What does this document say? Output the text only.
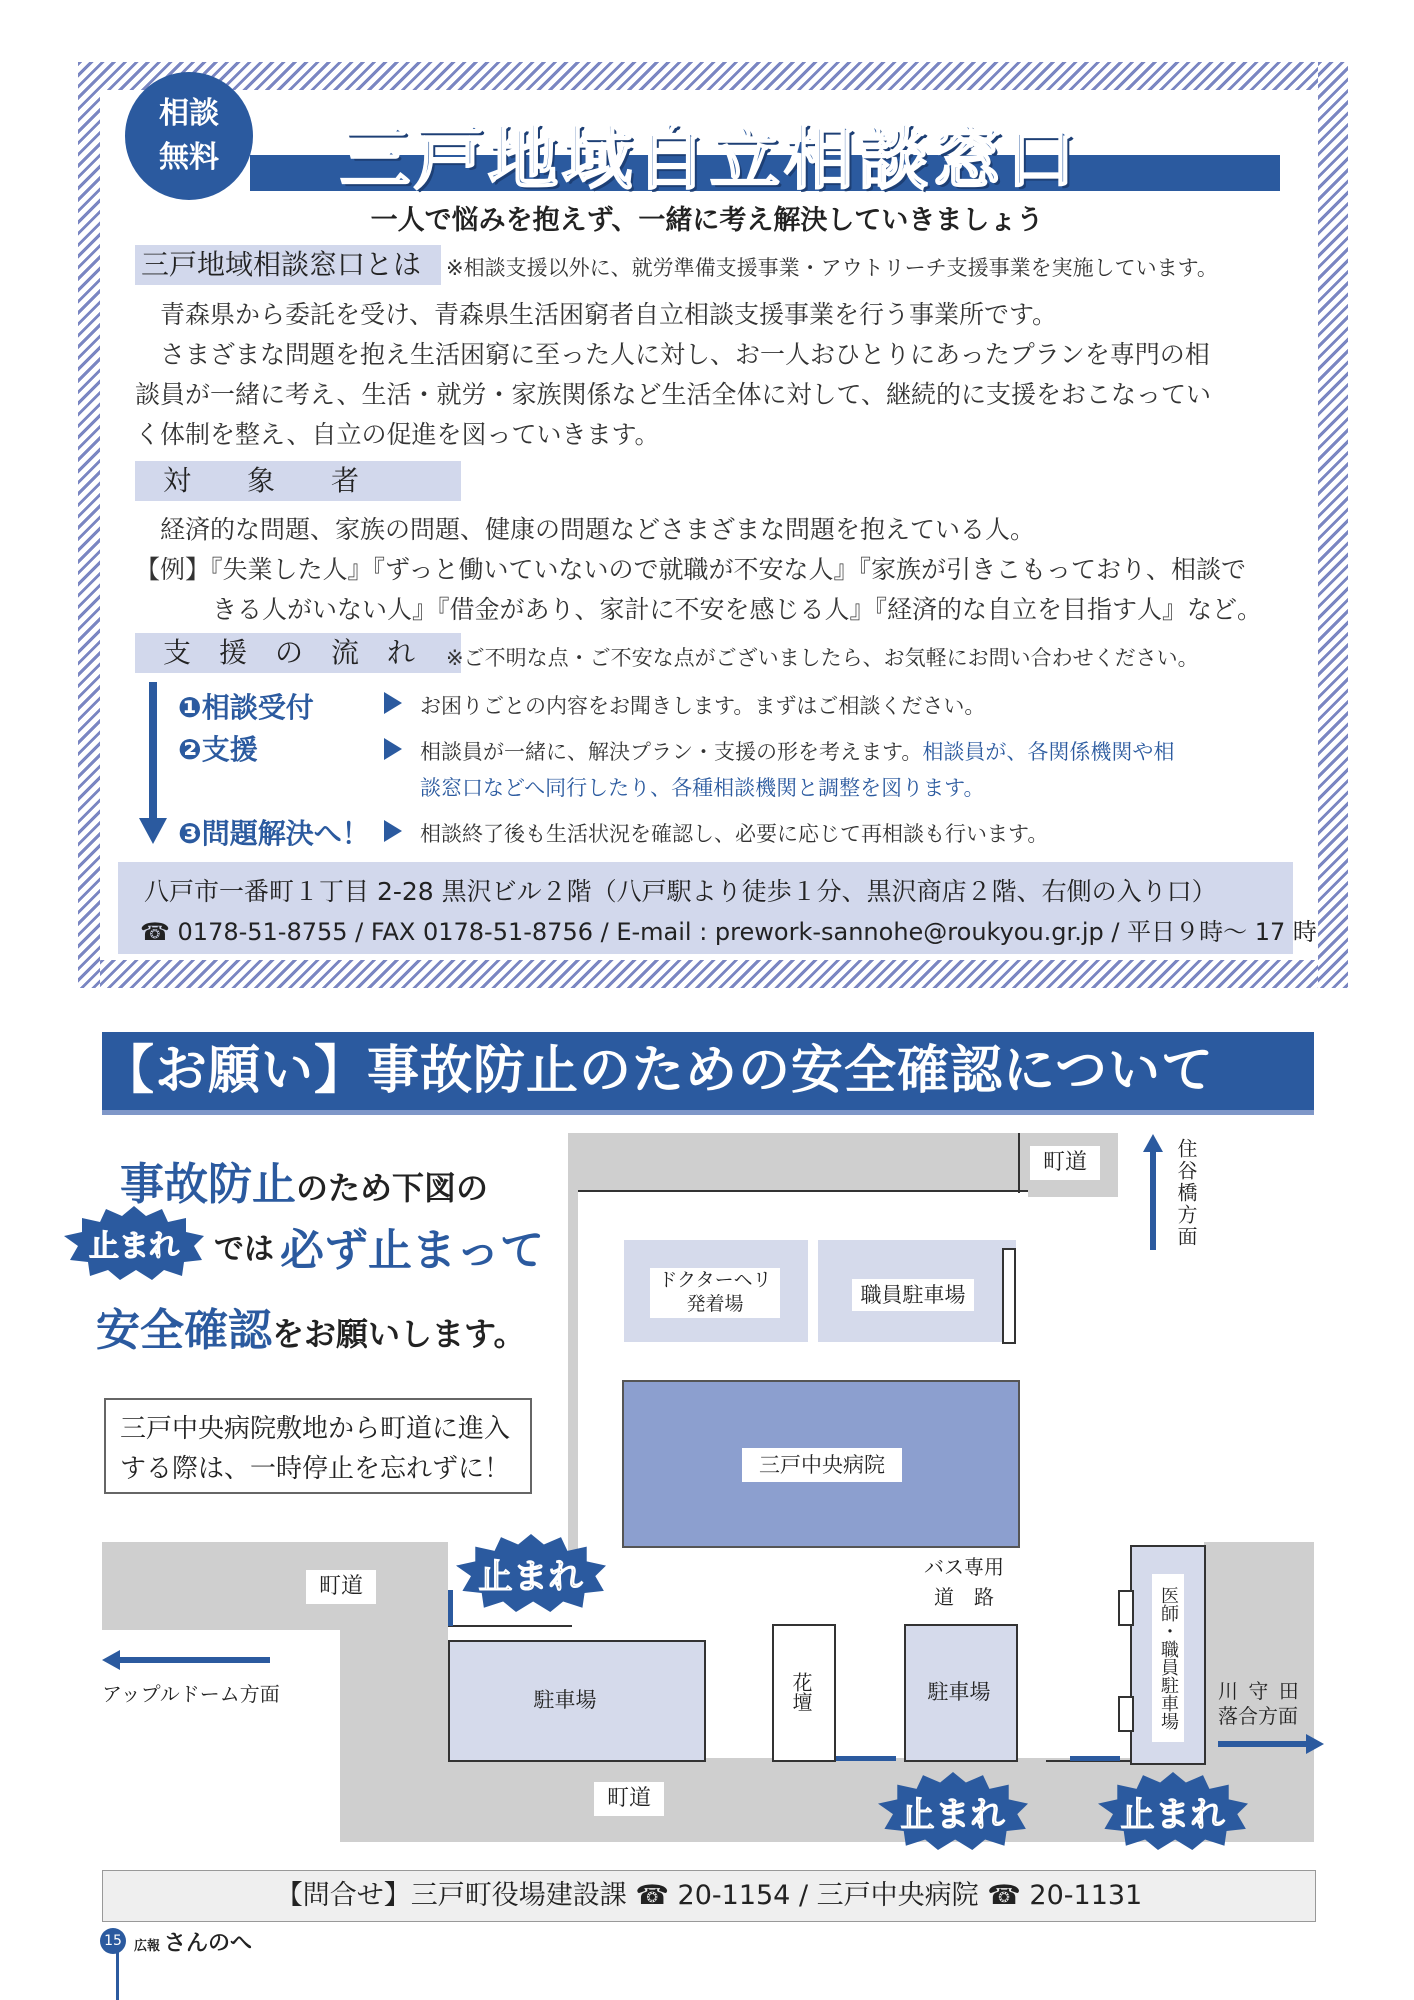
相談
無料 三戸地域自立相談窓口
一人で悩みを抱えず、一緒に考え解決していきましょう
三戸地域相談窓口とは	※相談支援以外に、就労準備支援事業・アウトリーチ支援事業を実施しています。
青森県から委託を受け、青森県生活困窮者自立相談支援事業を行う事業所です。
さまざまな問題を抱え生活困窮に至った人に対し、お一人おひとりにあったプランを専門の相
談員が一緒に考え、生活・就労・家族関係など生活全体に対して、継続的に支援をおこなってい
く体制を整え、自立の促進を図っていきます。
対　　象　　者
経済的な問題、家族の問題、健康の問題などさまざまな問題を抱えている人。
【例】『失業した人』『ずっと働いていないので就職が不安な人』『家族が引きこもっており、相談で
きる人がいない人』『借金があり、家計に不安を感じる人』『経済的な自立を目指す人』など。
支　援　の　流　れ	※ご不明な点・ご不安な点がございましたら、お気軽にお問い合わせください。
❶相談受付	お困りごとの内容をお聞きします。まずはご相談ください。
❷支援	相談員が一緒に、解決プラン・支援の形を考えます。相談員が、各関係機関や相
談窓口などへ同行したり、各種相談機関と調整を図ります。
❸問題解決へ！ 相談終了後も生活状況を確認し、必要に応じて再相談も行います。
八戸市一番町１丁目 2-28 黒沢ビル２階（八戸駅より徒歩１分、黒沢商店２階、右側の入り口）
☎ 0178-51-8755 / FAX 0178-51-8756 / E-mail : prework-sannohe@roukyou.gr.jp / 平日９時～ 17 時
【お願い】事故防止のための安全確認について
事故防止のため下図の
止まれ	では 必ず止まって
安全確認をお願いします。
三戸中央病院敷地から町道に進入
する際は、一時停止を忘れずに！
ドクターヘリ
発着場	職員駐車場
三戸中央病院
バス専用
道　路
駐車場	花壇	駐車場	医師・職員駐車場
町道
町道
町道
住谷橋方面
アップルドーム方面	川 守 田
落合方面
止まれ
止まれ	止まれ
【問合せ】三戸町役場建設課 ☎ 20-1154 / 三戸中央病院 ☎ 20-1131
15 広報 さんのへ
